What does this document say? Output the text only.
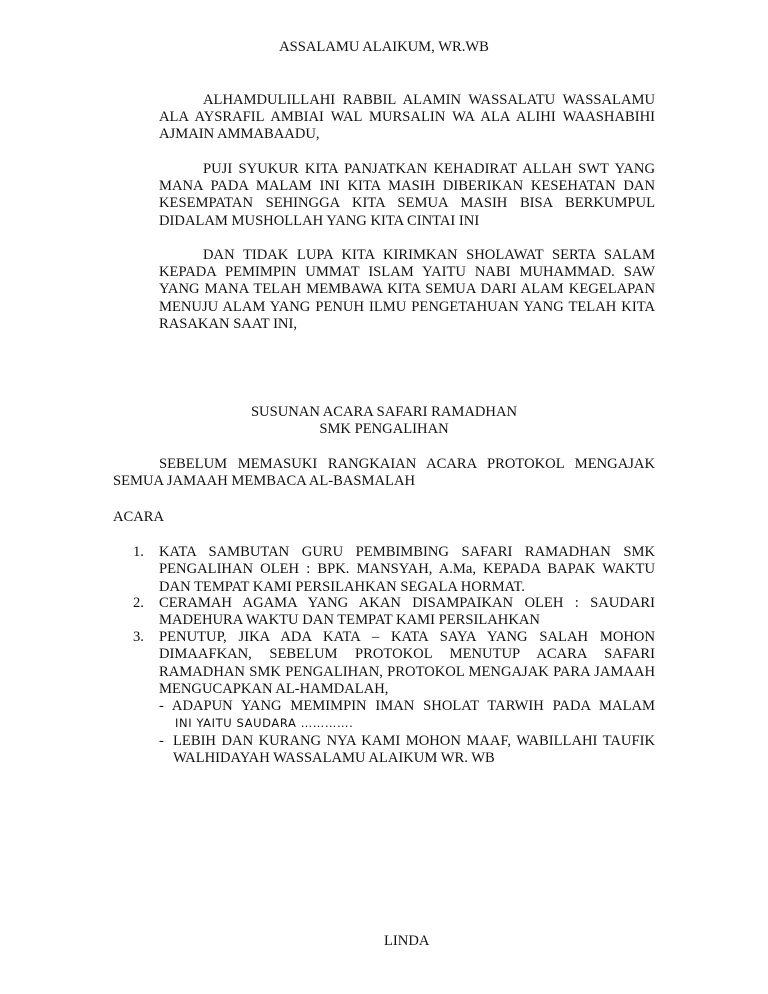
ASSALAMU ALAIKUM, WR.WB
ALHAMDULILLAHI RABBIL ALAMIN WASSALATU WASSALAMU ALA AYSRAFIL AMBIAI WAL MURSALIN WA ALA ALIHI WAASHABIHI AJMAIN AMMABAADU,
PUJI SYUKUR KITA PANJATKAN KEHADIRAT ALLAH SWT YANG MANA PADA MALAM INI KITA MASIH DIBERIKAN KESEHATAN DAN KESEMPATAN SEHINGGA KITA SEMUA MASIH BISA BERKUMPUL DIDALAM MUSHOLLAH YANG KITA CINTAI INI
DAN TIDAK LUPA KITA KIRIMKAN SHOLAWAT SERTA SALAM KEPADA PEMIMPIN UMMAT ISLAM YAITU NABI MUHAMMAD. SAW YANG MANA TELAH MEMBAWA KITA SEMUA DARI ALAM KEGELAPAN MENUJU ALAM YANG PENUH ILMU PENGETAHUAN YANG TELAH KITA RASAKAN SAAT INI,
SUSUNAN ACARA SAFARI RAMADHAN
SMK PENGALIHAN
SEBELUM MEMASUKI RANGKAIAN ACARA PROTOKOL MENGAJAK
SEMUA JAMAAH MEMBACA AL-BASMALAH
ACARA
1. KATA SAMBUTAN GURU PEMBIMBING SAFARI RAMADHAN SMK PENGALIHAN OLEH : BPK. MANSYAH, A.Ma, KEPADA BAPAK WAKTU DAN TEMPAT KAMI PERSILAHKAN SEGALA HORMAT.
2. CERAMAH AGAMA YANG AKAN DISAMPAIKAN OLEH : SAUDARI MADEHURA WAKTU DAN TEMPAT KAMI PERSILAHKAN
3. PENUTUP, JIKA ADA KATA – KATA SAYA YANG SALAH MOHON DIMAAFKAN, SEBELUM PROTOKOL MENUTUP ACARA SAFARI RAMADHAN SMK PENGALIHAN, PROTOKOL MENGAJAK PARA JAMAAH MENGUCAPKAN AL-HAMDALAH,
- ADAPUN YANG MEMIMPIN IMAN SHOLAT TARWIH PADA MALAM
INI YAITU SAUDARA ………….
- LEBIH DAN KURANG NYA KAMI MOHON MAAF, WABILLAHI TAUFIK WALHIDAYAH WASSALAMU ALAIKUM WR. WB
LINDA
